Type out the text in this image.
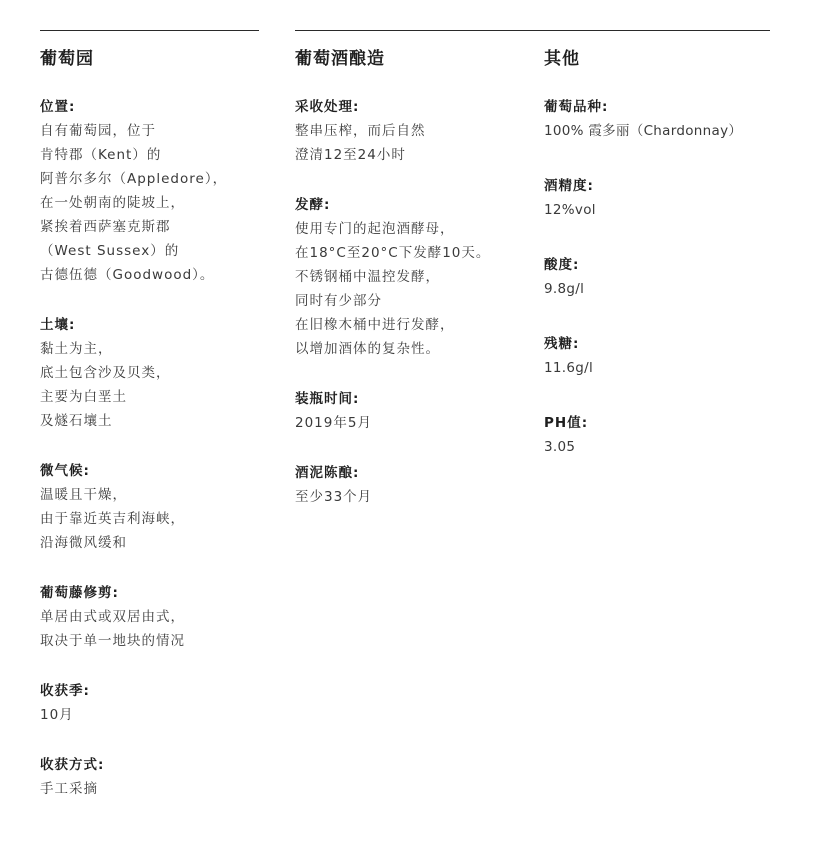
葡萄园
位置:
自有葡萄园，位于
肯特郡（Kent）的
阿普尔多尔（Appledore），
在一处朝南的陡坡上，
紧挨着西萨塞克斯郡
（West Sussex）的
古德伍德（Goodwood）。
土壤:
黏土为主，
底土包含沙及贝类，
主要为白垩土
及燧石壤土
微气候:
温暖且干燥，
由于靠近英吉利海峡，
沿海微风缓和
葡萄藤修剪:
单居由式或双居由式，
取决于单一地块的情况
收获季:
10月
收获方式:
手工采摘
葡萄酒酿造
采收处理:
整串压榨，而后自然
澄清12至24小时
发酵:
使用专门的起泡酒酵母，
在18°C至20°C下发酵10天。
不锈钢桶中温控发酵，
同时有少部分
在旧橡木桶中进行发酵，
以增加酒体的复杂性。
装瓶时间:
2019年5月
酒泥陈酿:
至少33个月
其他
葡萄品种:
100% 霞多丽（Chardonnay）
酒精度:
12%vol
酸度:
9.8g/l
残糖:
11.6g/l
PH值:
3.05
